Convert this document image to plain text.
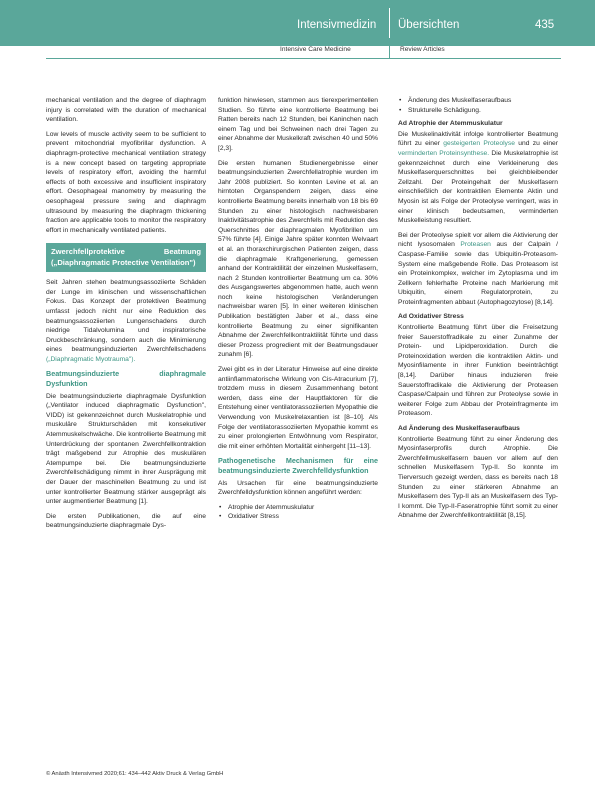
Intensivmedizin Übersichten	435
Intensive Care Medicine	Review Articles

mechanical ventilation and the degree of diaphragm injury is correlated with the duration of mechanical ventilation.

Low levels of muscle activity seem to be sufficient to prevent mitochondrial myofibrillar dysfunction. A diaphragm-protective mechanical ventilation strategy is a new concept based on targeting appropriate levels of respiratory effort, avoiding the harmful effects of both excessive and insufficient inspiratory effort. Oesophageal manometry by measuring the oesophageal pressure swing and diaphragm ultrasound by measuring the diaphragm thickening fraction are applicable tools to monitor the respiratory effort in mechanically ventilated patients.

Zwerchfellprotektive Beatmung („Diaphragmatic Protective Ventilation")

Seit Jahren stehen beatmungsassoziierte Schäden der Lunge im klinischen und wissenschaftlichen Fokus. Das Konzept der protektiven Beatmung umfasst jedoch nicht nur eine Reduktion des beatmungsassoziierten Lungenschadens durch niedrige Tidalvolumina und inspiratorische Druckbeschränkung, sondern auch die Minimierung eines beatmungsinduzierten Zwerchfellschadens („Diaphragmatic Myotrauma").

Beatmungsinduzierte diaphragmale Dysfunktion

Die beatmungsinduzierte diaphragmale Dysfunktion („Ventilator induced diaphragmatic Dysfunction", VIDD) ist gekennzeichnet durch Muskelatrophie und muskuläre Strukturschäden mit konsekutiver Atemmuskelschwäche. Die kontrollierte Beatmung mit Unterdrückung der spontanen Zwerchfellkontraktion trägt maßgebend zur Atrophie des muskulären Atempumpe bei. Die beatmungsinduzierte Zwerchfellschädigung nimmt in ihrer Ausprägung mit der Dauer der maschinellen Beatmung zu und ist unter kontrollierter Beatmung stärker ausgeprägt als unter augmentierter Beatmung [1].

Die ersten Publikationen, die auf eine beatmungsinduzierte diaphragmale Dys-

funktion hinwiesen, stammen aus tierexperimentellen Studien. So führte eine kontrollierte Beatmung bei Ratten bereits nach 12 Stunden, bei Kaninchen nach einem Tag und bei Schweinen nach drei Tagen zu einer Abnahme der Muskelkraft zwischen 40 und 50% [2,3].

Die ersten humanen Studienergebnisse einer beatmungsinduzierten Zwerchfellatrophie wurden im Jahr 2008 publiziert. So konnten Levine et al. an hirntoten Organspendern zeigen, dass eine kontrollierte Beatmung bereits innerhalb von 18 bis 69 Stunden zu einer histologisch nachweisbaren Inaktivitätsatrophie des Zwerchfells mit Reduktion des Querschnittes der diaphragmalen Myofibrillen um 57% führte [4]. Einige Jahre später konnten Welvaart et al. an thoraxchirurgischen Patienten zeigen, dass die diaphragmale Kraftgenerierung, gemessen anhand der Kontraktilität der einzelnen Muskelfasern, nach 2 Stunden kontrollierter Beatmung um ca. 30% des Ausgangswertes abgenommen hatte, auch wenn noch keine histologischen Veränderungen nachweisbar waren [5]. In einer weiteren klinischen Publikation bestätigten Jaber et al., dass eine kontrollierte Beatmung zu einer signifikanten Abnahme der Zwerchfellkontraktilität führte und dass dieser Prozess progredient mit der Beatmungsdauer zunahm [6].

Zwei gibt es in der Literatur Hinweise auf eine direkte antiinflammatorische Wirkung von Cis-Atracurium [7], trotzdem muss in diesem Zusammenhang betont werden, dass eine der Hauptfaktoren für die Entstehung einer ventilatorassoziierten Myopathie die Verwendung von Muskelrelaxantien ist [8–10]. Als Folge der ventilatorassoziierten Myopathie kommt es zu einer prolongierten Entwöhnung vom Respirator, die mit einer erhöhten Mortalität einhergeht [11–13].

Pathogenetische Mechanismen für eine beatmungsinduzierte Zwerchfelldysfunktion

Als Ursachen für eine beatmungsinduzierte Zwerchfelldysfunktion können angeführt werden:

• Atrophie der Atemmuskulatur
• Oxidativer Stress
• Änderung des Muskelfaseraufbaus
• Strukturelle Schädigung.
Ad Atrophie der Atemmuskulatur

Die Muskelinaktivität infolge kontrollierter Beatmung führt zu einer gesteigerten Proteolyse und zu einer verminderten Proteinsynthese. Die Muskelatrophie ist gekennzeichnet durch eine Verkleinerung des Muskelfaserquerschnittes bei gleichbleibender Zellzahl. Der Proteingehalt der Muskelfasern einschließlich der kontraktilen Elemente Aktin und Myosin ist als Folge der Proteolyse verringert, was in einer klinisch bedeutsamen, verminderten Muskelleistung resultiert.

Bei der Proteolyse spielt vor allem die Aktivierung der nicht lysosomalen Proteasen aus der Calpain / Caspase-Familie sowie das Ubiquitin-Proteasom-System eine maßgebende Rolle. Das Proteasom ist ein Proteinkomplex, welcher im Zytoplasma und im Zellkern fehlerhafte Proteine nach Markierung mit Ubiquitin, einem Regulatorprotein, zu Proteinfragmenten abbaut (Autophagozytose) [8,14].

Ad Oxidativer Stress

Kontrollierte Beatmung führt über die Freisetzung freier Sauerstoffradikale zu einer Zunahme der Protein- und Lipidperoxidation. Durch die Proteinoxidation werden die kontraktilen Aktin- und Myosinfilamente in ihrer Funktion beeinträchtigt [8,14]. Darüber hinaus induzieren freie Sauerstoffradikale die Aktivierung der Proteasen Caspase/Calpain und führen zur Proteolyse sowie in weiterer Folge zum Abbau der Proteinfragmente im Proteasom.

Ad Änderung des Muskelfaseraufbaus

Kontrollierte Beatmung führt zu einer Änderung des Myosinfaserprofils durch Atrophie. Die Zwerchfellmuskelfasern bauen vor allem auf den schnellen Muskelfasern Typ-II. So konnte im Tierversuch gezeigt werden, dass es bereits nach 18 Stunden zu einer stärkeren Abnahme an Muskelfasern des Typ-II als an Muskelfasern des Typ-I kommt. Die Typ-II-Faseratrophie führt somit zu einer Abnahme der Zwerchfellkontraktilität [8,15].

© Anästh Intensivmed 2020;61: 434–442 Aktiv Druck & Verlag GmbH
